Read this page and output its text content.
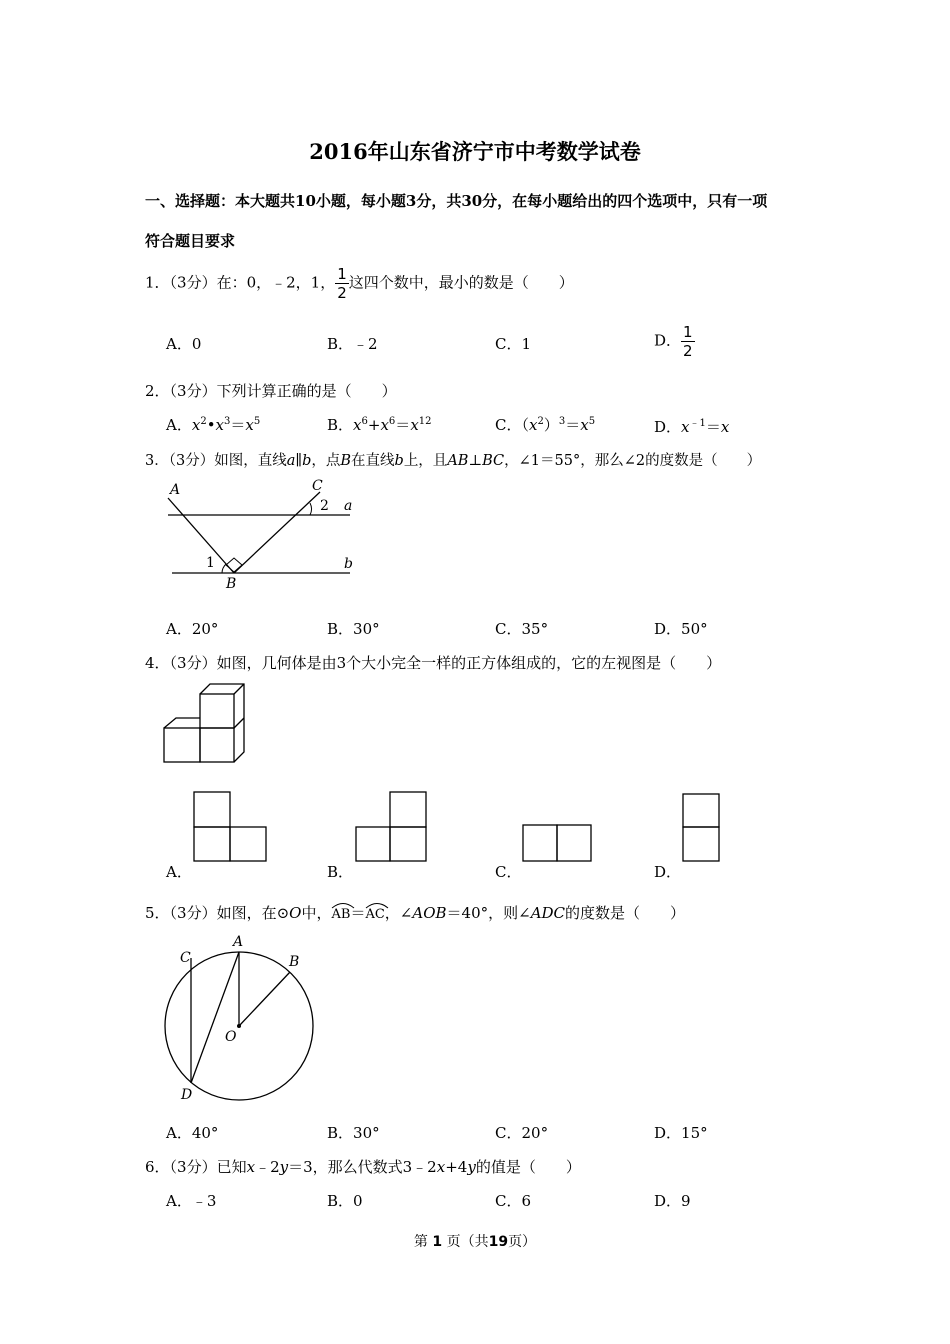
2016年山东省济宁市中考数学试卷
一、选择题：本大题共10小题，每小题3分，共30分，在每小题给出的四个选项中，只有一项
符合题目要求
1．（3分）在：0，﹣2，1， $\frac{1}{2}$ 这四个数中，最小的数是（　　）
A．0	B．﹣2	C．1	D． $\frac{1}{2}$
2．（3分）下列计算正确的是（　　）
A．$x^2•x^3=x^5$	B．$x^6+x^6=x^{12}$	C．$(x^2)^3=x^5$	D．$x^{﹣1}=x$
3．（3分）如图，直线a∥b，点B在直线b上，且AB⊥BC，∠1＝55°，那么∠2的度数是（　　）
A	C
2 a
1
B
b
A．20°	B．30°	C．35°	D．50°
4．（3分）如图，几何体是由3个大小完全一样的正方体组成的，它的左视图是（　　）
A．	B．	C．	D．
5．（3分）如图，在⊙O中，
AB＝
AC，∠AOB＝40°，则∠ADC的度数是（　　）
A
B
C
O
D
A．40°	B．30°	C．20°	D．15°
6．（3分）已知x﹣2y＝3，那么代数式3﹣2x+4y的值是（　　）
A．﹣3	B．0	C．6	D．9
第 1 页（共19页）
